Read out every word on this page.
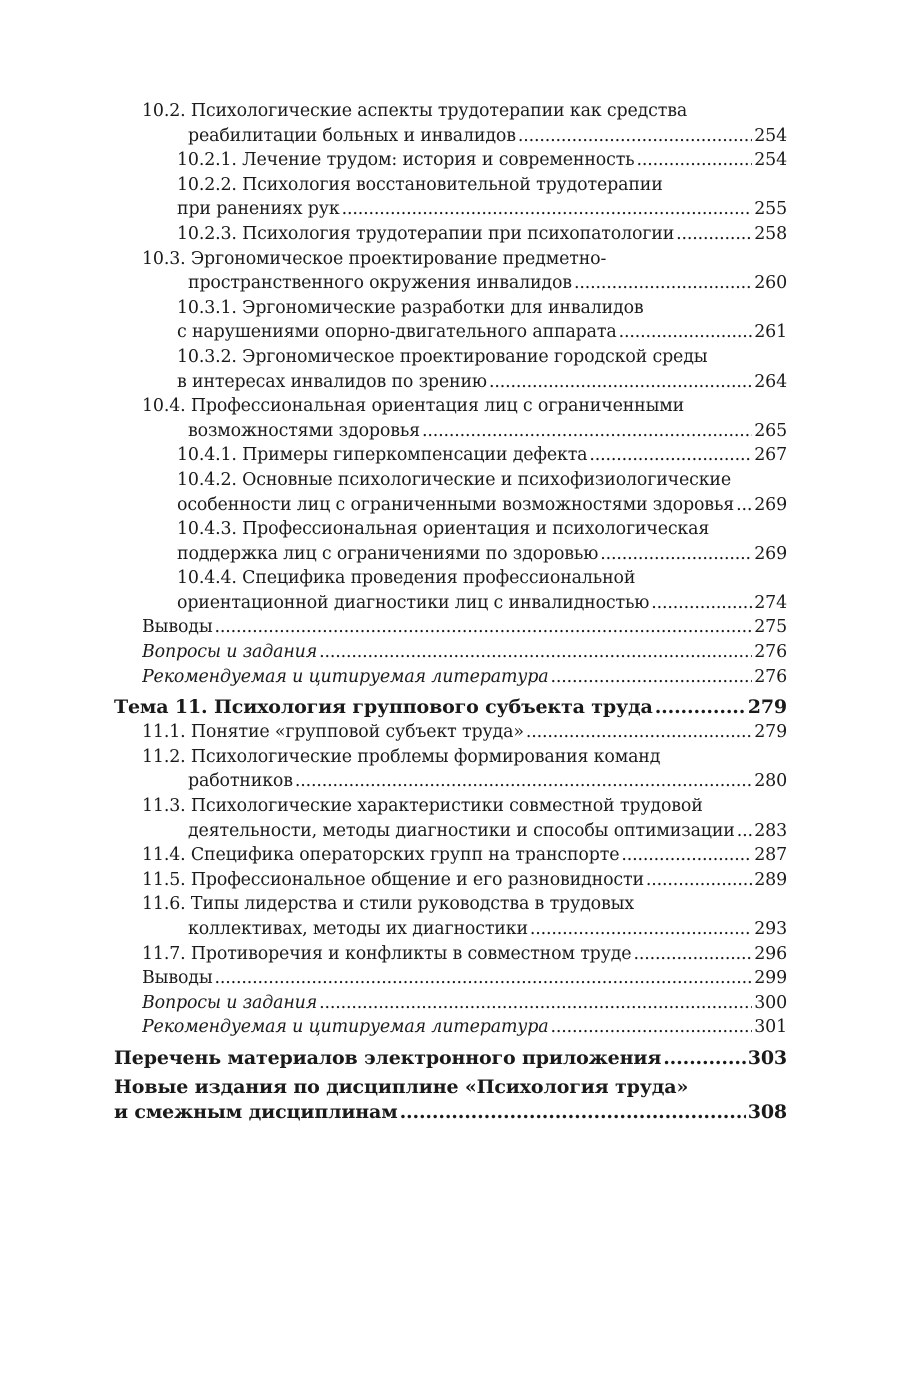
10.2. Психологические аспекты трудотерапии как средства
реабилитации больных и инвалидов .....	254
10.2.1. Лечение трудом: история и современность .....	254
10.2.2. Психология восстановительной трудотерапии
при ранениях рук .....	255
10.2.3. Психология трудотерапии при психопатологии .....	258
10.3. Эргономическое проектирование предметно-
пространственного окружения инвалидов .....	260
10.3.1. Эргономические разработки для инвалидов
с нарушениями опорно-двигательного аппарата .....	261
10.3.2. Эргономическое проектирование городской среды
в интересах инвалидов по зрению .....	264
10.4. Профессиональная ориентация лиц с ограниченными
возможностями здоровья .....	265
10.4.1. Примеры гиперкомпенсации дефекта .....	267
10.4.2. Основные психологические и психофизиологические
особенности лиц с ограниченными возможностями здоровья ..... 269
10.4.3. Профессиональная ориентация и психологическая
поддержка лиц с ограничениями по здоровью .....	269
10.4.4. Специфика проведения профессиональной
ориентационной диагностики лиц с инвалидностью .....	274
Выводы .....	275
Вопросы и задания .....	276
Рекомендуемая и цитируемая литература .....	276
Тема 11. Психология группового субъекта труда .....	279
11.1. Понятие «групповой субъект труда» .....	279
11.2. Психологические проблемы формирования команд
работников .....	280
11.3. Психологические характеристики совместной трудовой
деятельности, методы диагностики и способы оптимизации ..... 283
11.4. Специфика операторских групп на транспорте .....	287
11.5. Профессиональное общение и его разновидности .....	289
11.6. Типы лидерства и стили руководства в трудовых
коллективах, методы их диагностики .....	293
11.7. Противоречия и конфликты в совместном труде .....	296
Выводы .....	299
Вопросы и задания .....	300
Рекомендуемая и цитируемая литература .....	301
Перечень материалов электронного приложения .....	303
Новые издания по дисциплине «Психология труда»
и смежным дисциплинам .....	308
